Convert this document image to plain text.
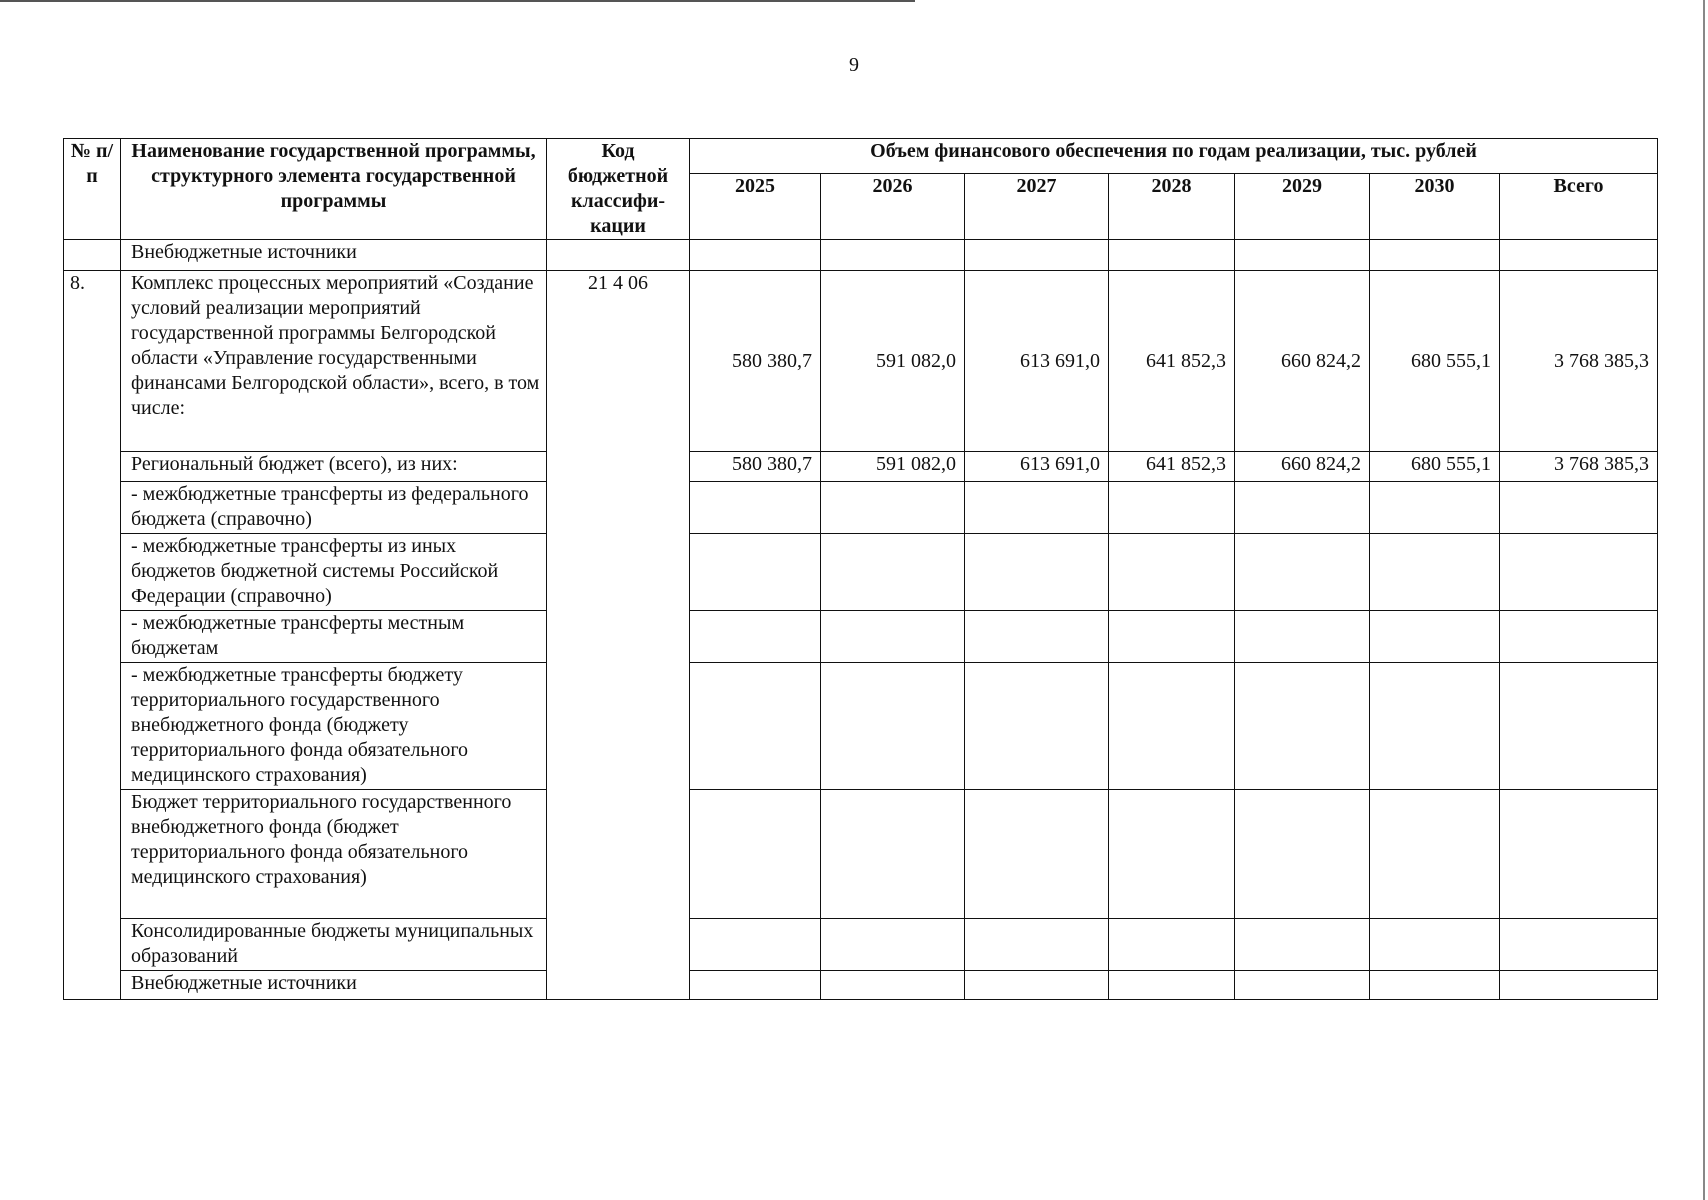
9
№ п/п	Наименование государственной программы, структурного элемента государственной программы	Код бюджетной классифи-кации	Объем финансового обеспечения по годам реализации, тыс. рублей						
			2025	2026	2027	2028	2029	2030	Всего
	Внебюджетные источники								
8.	Комплекс процессных мероприятий «Создание условий реализации мероприятий государственной программы Белгородской области «Управление государственными финансами Белгородской области», всего, в том числе:	21 4 06	580 380,7	591 082,0	613 691,0	641 852,3	660 824,2	680 555,1	3 768 385,3
	Региональный бюджет (всего), из них:		580 380,7	591 082,0	613 691,0	641 852,3	660 824,2	680 555,1	3 768 385,3
	- межбюджетные трансферты из федерального бюджета (справочно)								
	- межбюджетные трансферты из иных бюджетов бюджетной системы Российской Федерации (справочно)								
	- межбюджетные трансферты местным бюджетам								
	- межбюджетные трансферты бюджету территориального государственного внебюджетного фонда (бюджету территориального фонда обязательного медицинского страхования)								
	Бюджет территориального государственного внебюджетного фонда (бюджет территориального фонда обязательного медицинского страхования)								
	Консолидированные бюджеты муниципальных образований								
	Внебюджетные источники								
